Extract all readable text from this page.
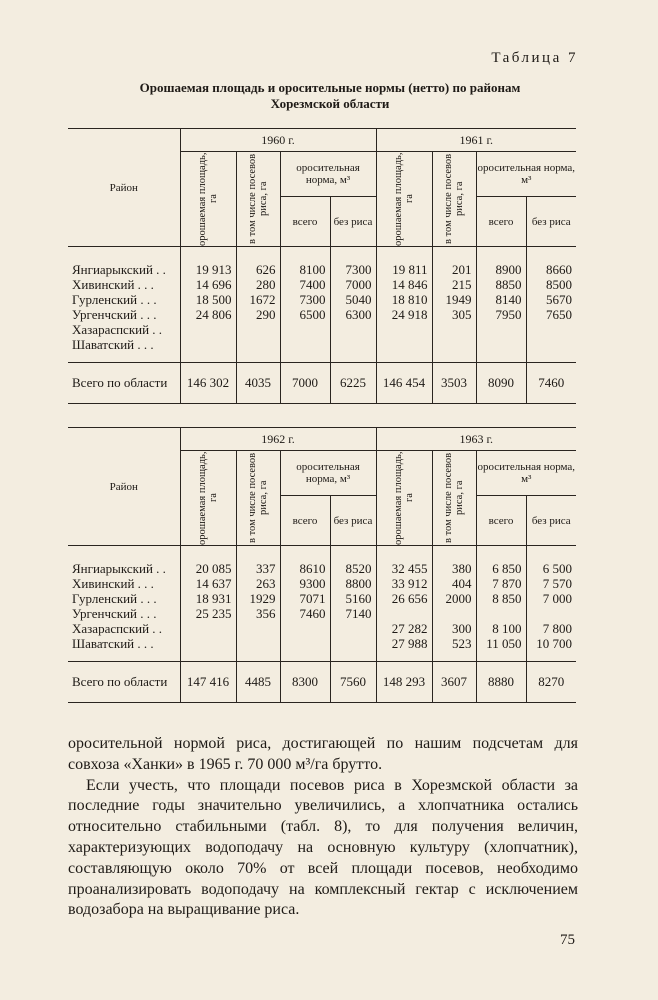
Таблица 7
Орошаемая площадь и оросительные нормы (нетто) по районам
Хорезмской области
Район	1960 г.				1961 г.			

	орошаемая площадь, га	в том числе посевов риса, га	оросительная норма, м³		орошаемая площадь, га	в том числе посевов риса, га	оросительная норма, м³	
			всего	без риса			всего	без риса
Янгиарыкский . .	19 913	626	8100	7300	19 811	201	8900	8660
Хивинский . . .	14 696	280	7400	7000	14 846	215	8850	8500
Гурленский . . .	18 500	1672	7300	5040	18 810	1949	8140	5670
Ургенчский . . .	24 806	290	6500	6300	24 918	305	7950	7650
Хазараспский . .								
Шаватский . . .								
Всего по области	146 302	4035	7000	6225	146 454	3503	8090	7460
Район	1962 г.				1963 г.			

	орошаемая площадь, га	в том числе посевов риса, га	оросительная норма, м³		орошаемая площадь, га	в том числе посевов риса, га	оросительная норма, м³	
			всего	без риса			всего	без риса
Янгиарыкский . .	20 085	337	8610	8520	32 455	380	6 850	6 500
Хивинский . . .	14 637	263	9300	8800	33 912	404	7 870	7 570
Гурленский . . .	18 931	1929	7071	5160	26 656	2000	8 850	7 000
Ургенчский . . .	25 235	356	7460	7140				
Хазараспский . .					27 282	300	8 100	7 800
Шаватский . . .					27 988	523	11 050	10 700
Всего по области	147 416	4485	8300	7560	148 293	3607	8880	8270

оросительной нормой риса, достигающей по нашим подсчетам для совхоза «Ханки» в 1965 г. 70 000 м³/га брутто.

Если учесть, что площади посевов риса в Хорезмской области за последние годы значительно увеличились, а хлопчатника остались относительно стабильными (табл. 8), то для получения величин, характеризующих водоподачу на основную культуру (хлопчатник), составляющую около 70% от всей площади посевов, необходимо проанализировать водоподачу на комплексный гектар с исключением водозабора на выращивание риса.

75
